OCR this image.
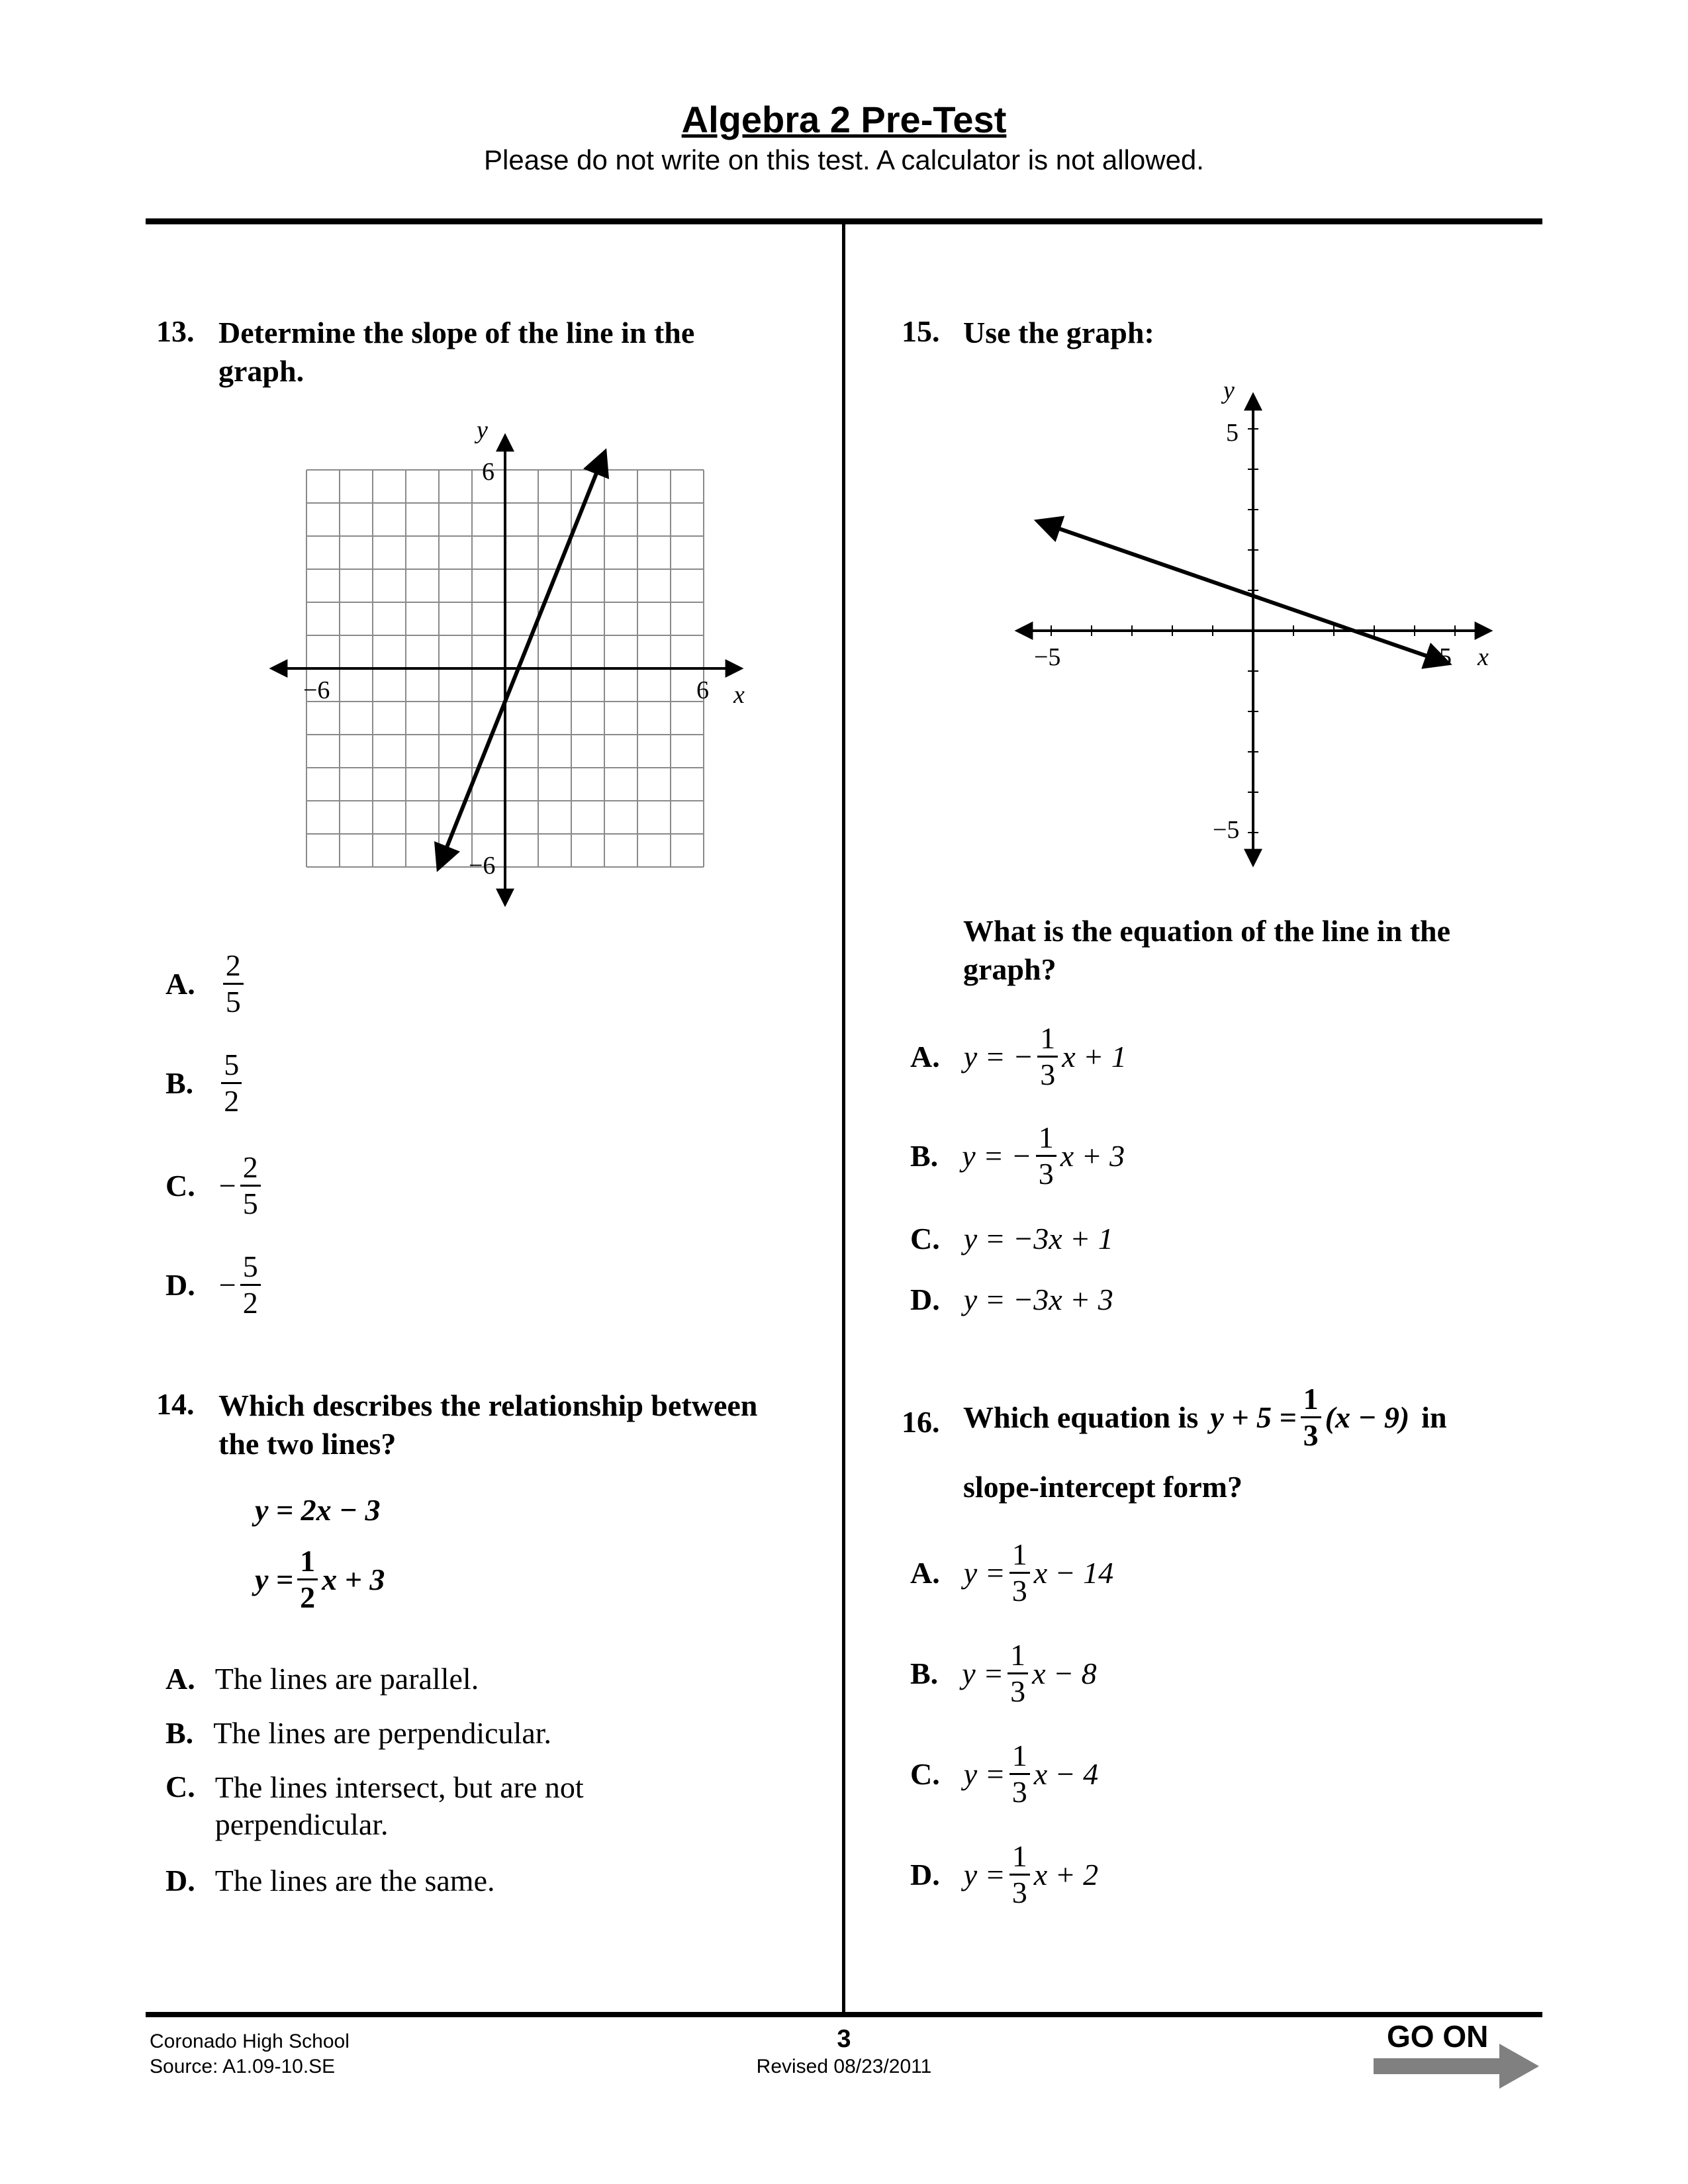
Algebra 2 Pre-Test
Please do not write on this test. A calculator is not allowed.
13. Determine the slope of the line in the graph.
−6	6 x
6
−6
y
A. $\frac{2}{5}$
B. $\frac{5}{2}$
C. − $\frac{2}{5}$
D. − $\frac{5}{2}$
14. Which describes the relationship between the two lines?
y = 2x − 3
$y = \frac{1}{2}$ x + 3
A. The lines are parallel.
B. The lines are perpendicular.
C. The lines intersect, but are not perpendicular.
D. The lines are the same.
15. Use the graph:
−5	5 x
5
−5
y
What is the equation of the line in the graph?
A. y = − $\frac{1}{3}$ x + 1
B. y = − $\frac{1}{3}$ x + 3
C. y = −3x + 1
D. y = −3x + 3
16. Which equation is $y + 5 = \frac{1}{3} (x - 9)$ in
slope-intercept form?
A. $y = \frac{1}{3}$ x − 14
B. $y = \frac{1}{3}$ x − 8
C. $y = \frac{1}{3}$ x − 4
D. $y = \frac{1}{3}$ x + 2
Coronado High School
Source: A1.09-10.SE
3
Revised 08/23/2011
GO ON
